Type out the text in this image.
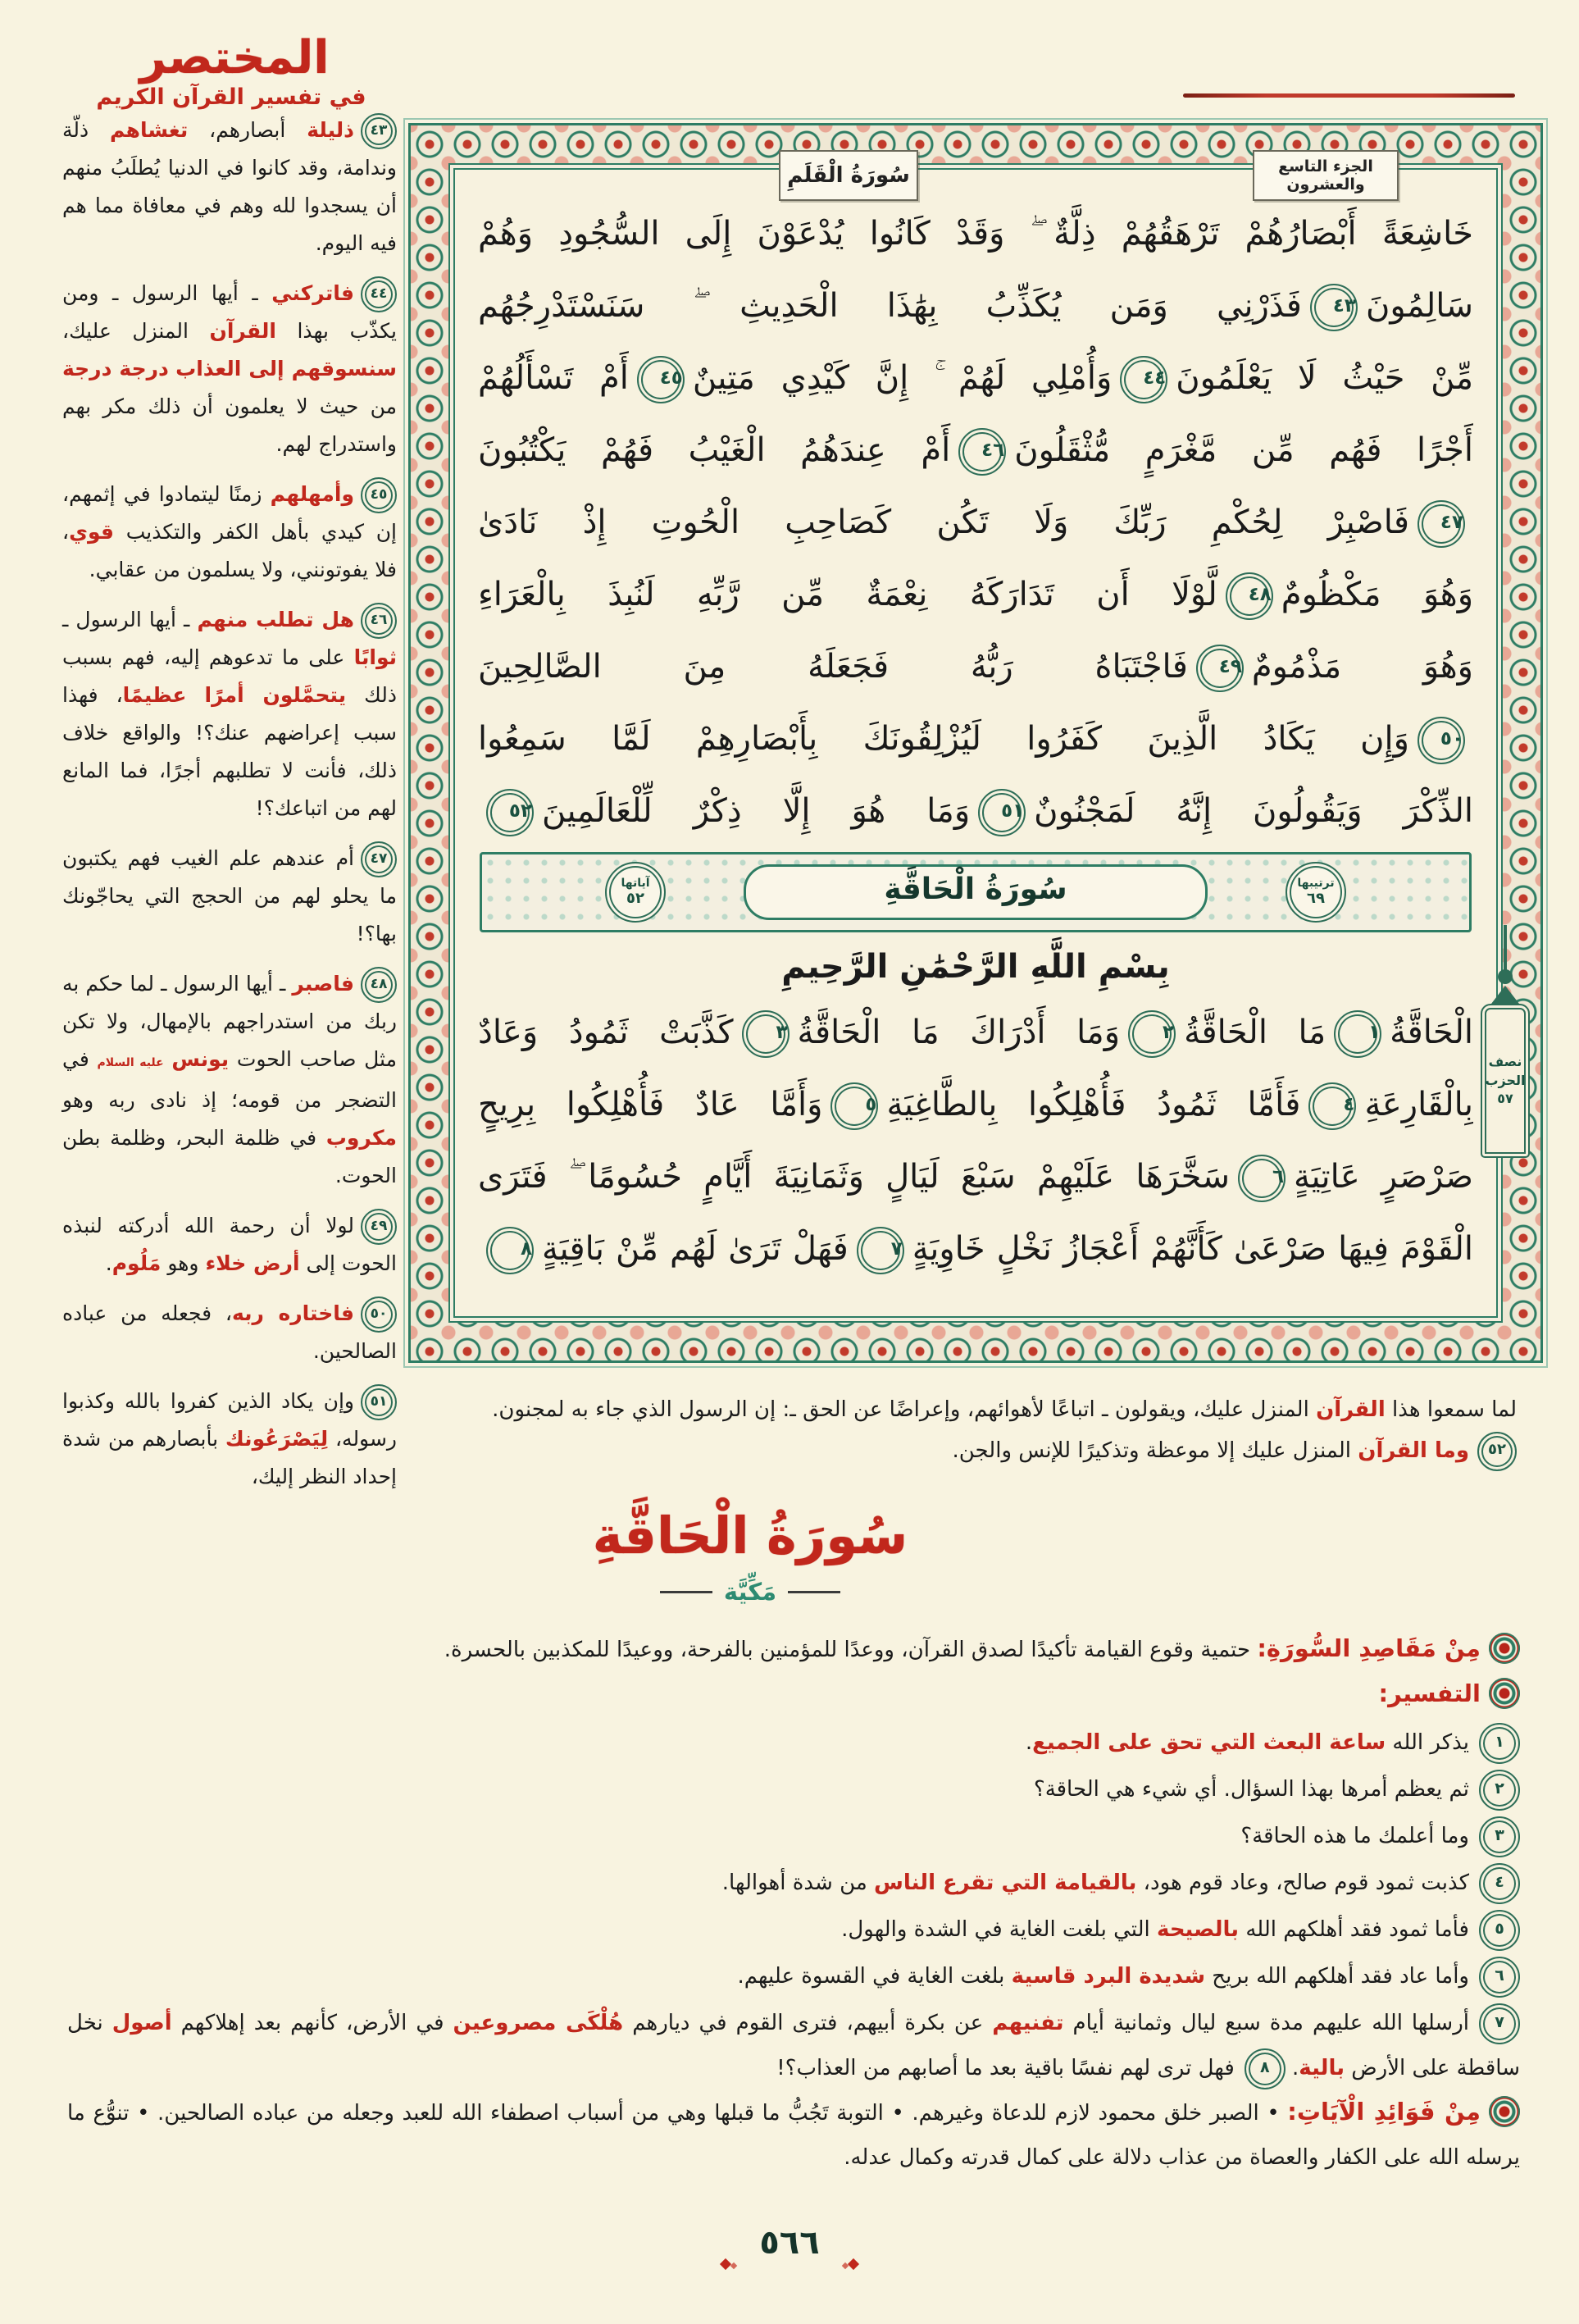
المختصر في تفسير القرآن الكريم

٤٣ذليلة أبصارهم، تغشاهم ذلّة وندامة، وقد كانوا في الدنيا يُطلَبُ منهم أن يسجدوا لله وهم في معافاة مما هم فيه اليوم.

٤٤فاتركني ـ أيها الرسول ـ ومن يكذّب بهذا القرآن المنزل عليك، سنسوقهم إلى العذاب درجة درجة من حيث لا يعلمون أن ذلك مكر بهم واستدراج لهم.

٤٥وأمهلهم زمنًا ليتمادوا في إثمهم، إن كيدي بأهل الكفر والتكذيب قوي، فلا يفوتونني، ولا يسلمون من عقابي.

٤٦هل تطلب منهم ـ أيها الرسول ـ ثوابًا على ما تدعوهم إليه، فهم بسبب ذلك يتحمَّلون أمرًا عظيمًا، فهذا سبب إعراضهم عنك؟! والواقع خلاف ذلك، فأنت لا تطلبهم أجرًا، فما المانع لهم من اتباعك؟!

٤٧أم عندهم علم الغيب فهم يكتبون ما يحلو لهم من الحجج التي يحاجّونك بها؟!

٤٨فاصبر ـ أيها الرسول ـ لما حكم به ربك من استدراجهم بالإمهال، ولا تكن مثل صاحب الحوت يونس عليه السلام في التضجر من قومه؛ إذ نادى ربه وهو مكروب في ظلمة البحر، وظلمة بطن الحوت.

٤٩لولا أن رحمة الله أدركته لنبذه الحوت إلى أرض خلاء وهو مَلُوم.

٥٠فاختاره ربه، فجعله من عباده الصالحين.

٥١وإن يكاد الذين كفروا بالله وكذبوا رسوله، لِيَصْرَعُونك بأبصارهم من شدة إحداد النظر إليك،

خَاشِعَةً أَبْصَارُهُمْ تَرْهَقُهُمْ ذِلَّةٌ ۖ وَقَدْ كَانُوا يُدْعَوْنَ إِلَى السُّجُودِ وَهُمْ
سَالِمُونَ٤٣فَذَرْنِي وَمَن يُكَذِّبُ بِهَٰذَا الْحَدِيثِ ۖ سَنَسْتَدْرِجُهُم
مِّنْ حَيْثُ لَا يَعْلَمُونَ٤٤وَأُمْلِي لَهُمْ ۚ إِنَّ كَيْدِي مَتِينٌ٤٥أَمْ تَسْأَلُهُمْ
أَجْرًا فَهُم مِّن مَّغْرَمٍ مُّثْقَلُونَ٤٦أَمْ عِندَهُمُ الْغَيْبُ فَهُمْ يَكْتُبُونَ
٤٧فَاصْبِرْ لِحُكْمِ رَبِّكَ وَلَا تَكُن كَصَاحِبِ الْحُوتِ إِذْ نَادَىٰ
وَهُوَ مَكْظُومٌ٤٨لَّوْلَا أَن تَدَارَكَهُ نِعْمَةٌ مِّن رَّبِّهِ لَنُبِذَ بِالْعَرَاءِ
وَهُوَ مَذْمُومٌ٤٩فَاجْتَبَاهُ رَبُّهُ فَجَعَلَهُ مِنَ الصَّالِحِينَ
٥٠وَإِن يَكَادُ الَّذِينَ كَفَرُوا لَيُزْلِقُونَكَ بِأَبْصَارِهِمْ لَمَّا سَمِعُوا
الذِّكْرَ وَيَقُولُونَ إِنَّهُ لَمَجْنُونٌ٥١وَمَا هُوَ إِلَّا ذِكْرٌ لِّلْعَالَمِينَ٥٢
ترتيبها
٦٩
سُورَةُ الْحَاقَّةِ
آياتها
٥٢
بِسْمِ اللَّهِ الرَّحْمَٰنِ الرَّحِيمِ
الْحَاقَّةُ١مَا الْحَاقَّةُ٢وَمَا أَدْرَاكَ مَا الْحَاقَّةُ٣كَذَّبَتْ ثَمُودُ وَعَادٌ
بِالْقَارِعَةِ٤فَأَمَّا ثَمُودُ فَأُهْلِكُوا بِالطَّاغِيَةِ٥وَأَمَّا عَادٌ فَأُهْلِكُوا بِرِيحٍ
صَرْصَرٍ عَاتِيَةٍ٦سَخَّرَهَا عَلَيْهِمْ سَبْعَ لَيَالٍ وَثَمَانِيَةَ أَيَّامٍ حُسُومًا ۖ فَتَرَى
الْقَوْمَ فِيهَا صَرْعَىٰ كَأَنَّهُمْ أَعْجَازُ نَخْلٍ خَاوِيَةٍ٧فَهَلْ تَرَىٰ لَهُم مِّنْ بَاقِيَةٍ٨
سُورَةُ الْقَلَمِ	الجزء التاسع والعشرون
نصف
الحزب
٥٧
لما سمعوا هذا القرآن المنزل عليك، ويقولون ـ اتباعًا لأهوائهم، وإعراضًا عن الحق ـ: إن الرسول الذي جاء به لمجنون.
٥٢وما القرآن المنزل عليك إلا موعظة وتذكيرًا للإنس والجن.
سُورَةُ الْحَاقَّةِ
مَكِّيَّة
مِنْ مَقَاصِدِ السُّورَةِ: حتمية وقوع القيامة تأكيدًا لصدق القرآن، ووعدًا للمؤمنين بالفرحة، ووعيدًا للمكذبين بالحسرة.
التفسير:
١يذكر الله ساعة البعث التي تحق على الجميع.
٢ثم يعظم أمرها بهذا السؤال. أي شيء هي الحاقة؟
٣وما أعلمك ما هذه الحاقة؟
٤كذبت ثمود قوم صالح، وعاد قوم هود، بالقيامة التي تقرع الناس من شدة أهوالها.
٥فأما ثمود فقد أهلكهم الله بالصيحة التي بلغت الغاية في الشدة والهول.
٦وأما عاد فقد أهلكهم الله بريح شديدة البرد قاسية بلغت الغاية في القسوة عليهم.
٧أرسلها الله عليهم مدة سبع ليال وثمانية أيام تفنيهم عن بكرة أبيهم، فترى القوم في ديارهم هُلْكَى مصروعين في الأرض، كأنهم بعد إهلاكهم أصول نخل ساقطة على الأرض بالية. ٨فهل ترى لهم نفسًا باقية بعد ما أصابهم من العذاب؟!
مِنْ فَوَائِدِ الْآيَاتِ: • الصبر خلق محمود لازم للدعاة وغيرهم. • التوبة تَجُبُّ ما قبلها وهي من أسباب اصطفاء الله للعبد وجعله من عباده الصالحين. • تنوُّع ما يرسله الله على الكفار والعصاة من عذاب دلالة على كمال قدرته وكمال عدله.
٥٦٦
